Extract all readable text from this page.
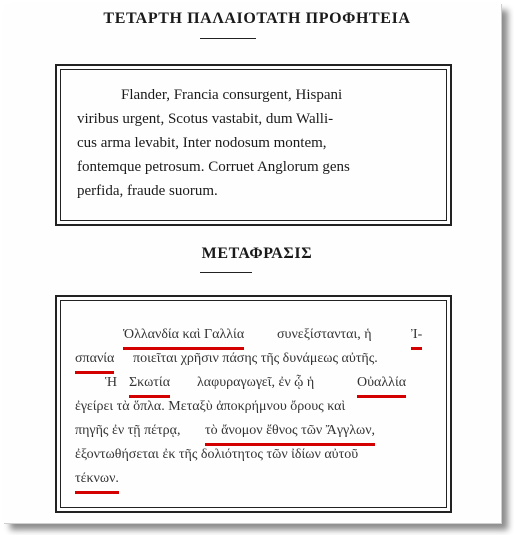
ΤΕΤΑΡΤΗ ΠΑΛΑΙΟΤΑΤΗ ΠΡΟΦΗΤΕΙΑ

Flander, Francia consurgent, Hispani
viribus urgent, Scotus vastabit, dum Walli-
cus arma levabit, Inter nodosum montem,
fontemque petrosum. Corruet Anglorum gens
perfida, fraude suorum.

ΜΕΤΑΦΡΑΣΙΣ
Ὁλλανδία καὶ Γαλλία συνεξίστανται, ἡ	Ἰ-
σπανία ποιεῖται χρῆσιν πάσης τῆς δυνάμεως αὐτῆς.
Ἡ Σκωτία λαφυραγωγεῖ, ἐν ᾧ ἡ	Οὐαλλία
ἐγείρει τὰ ὅπλα. Μεταξὺ ἀποκρήμνου ὄρους καὶ
πηγῆς ἐν τῇ πέτρᾳ, τὸ ἄνομον ἔθνος τῶν Ἄγγλων,
ἐξοντωθήσεται ἐκ τῆς δολιότητος τῶν ἰδίων αὐτοῦ
τέκνων.
